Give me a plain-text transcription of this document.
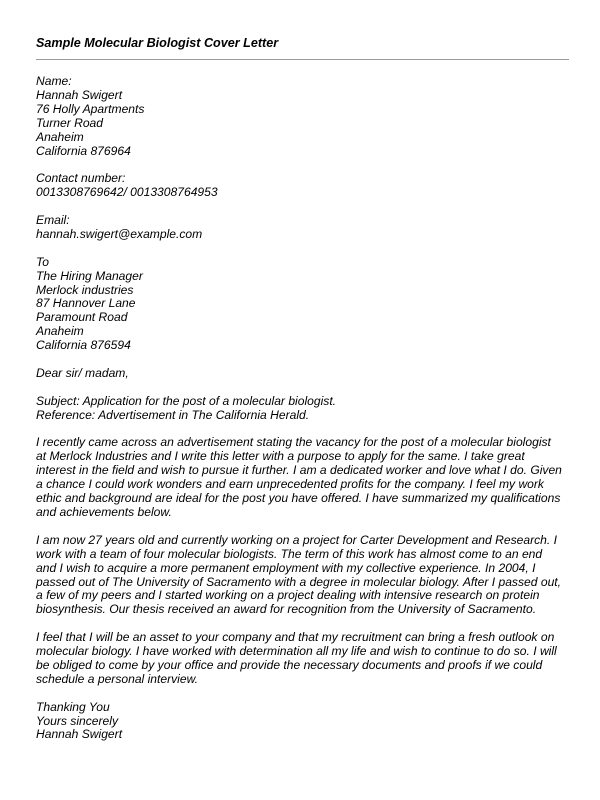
Sample Molecular Biologist Cover Letter
Name:
Hannah Swigert
76 Holly Apartments
Turner Road
Anaheim
California 876964
Contact number:
0013308769642/ 0013308764953
Email:
hannah.swigert@example.com
To
The Hiring Manager
Merlock industries
87 Hannover Lane
Paramount Road
Anaheim
California 876594
Dear sir/ madam,
Subject: Application for the post of a molecular biologist.
Reference: Advertisement in The California Herald.
I recently came across an advertisement stating the vacancy for the post of a molecular biologist
at Merlock Industries and I write this letter with a purpose to apply for the same. I take great
interest in the field and wish to pursue it further. I am a dedicated worker and love what I do. Given
a chance I could work wonders and earn unprecedented profits for the company. I feel my work
ethic and background are ideal for the post you have offered. I have summarized my qualifications
and achievements below.
I am now 27 years old and currently working on a project for Carter Development and Research. I
work with a team of four molecular biologists. The term of this work has almost come to an end
and I wish to acquire a more permanent employment with my collective experience. In 2004, I
passed out of The University of Sacramento with a degree in molecular biology. After I passed out,
a few of my peers and I started working on a project dealing with intensive research on protein
biosynthesis. Our thesis received an award for recognition from the University of Sacramento.
I feel that I will be an asset to your company and that my recruitment can bring a fresh outlook on
molecular biology. I have worked with determination all my life and wish to continue to do so. I will
be obliged to come by your office and provide the necessary documents and proofs if we could
schedule a personal interview.
Thanking You
Yours sincerely
Hannah Swigert
